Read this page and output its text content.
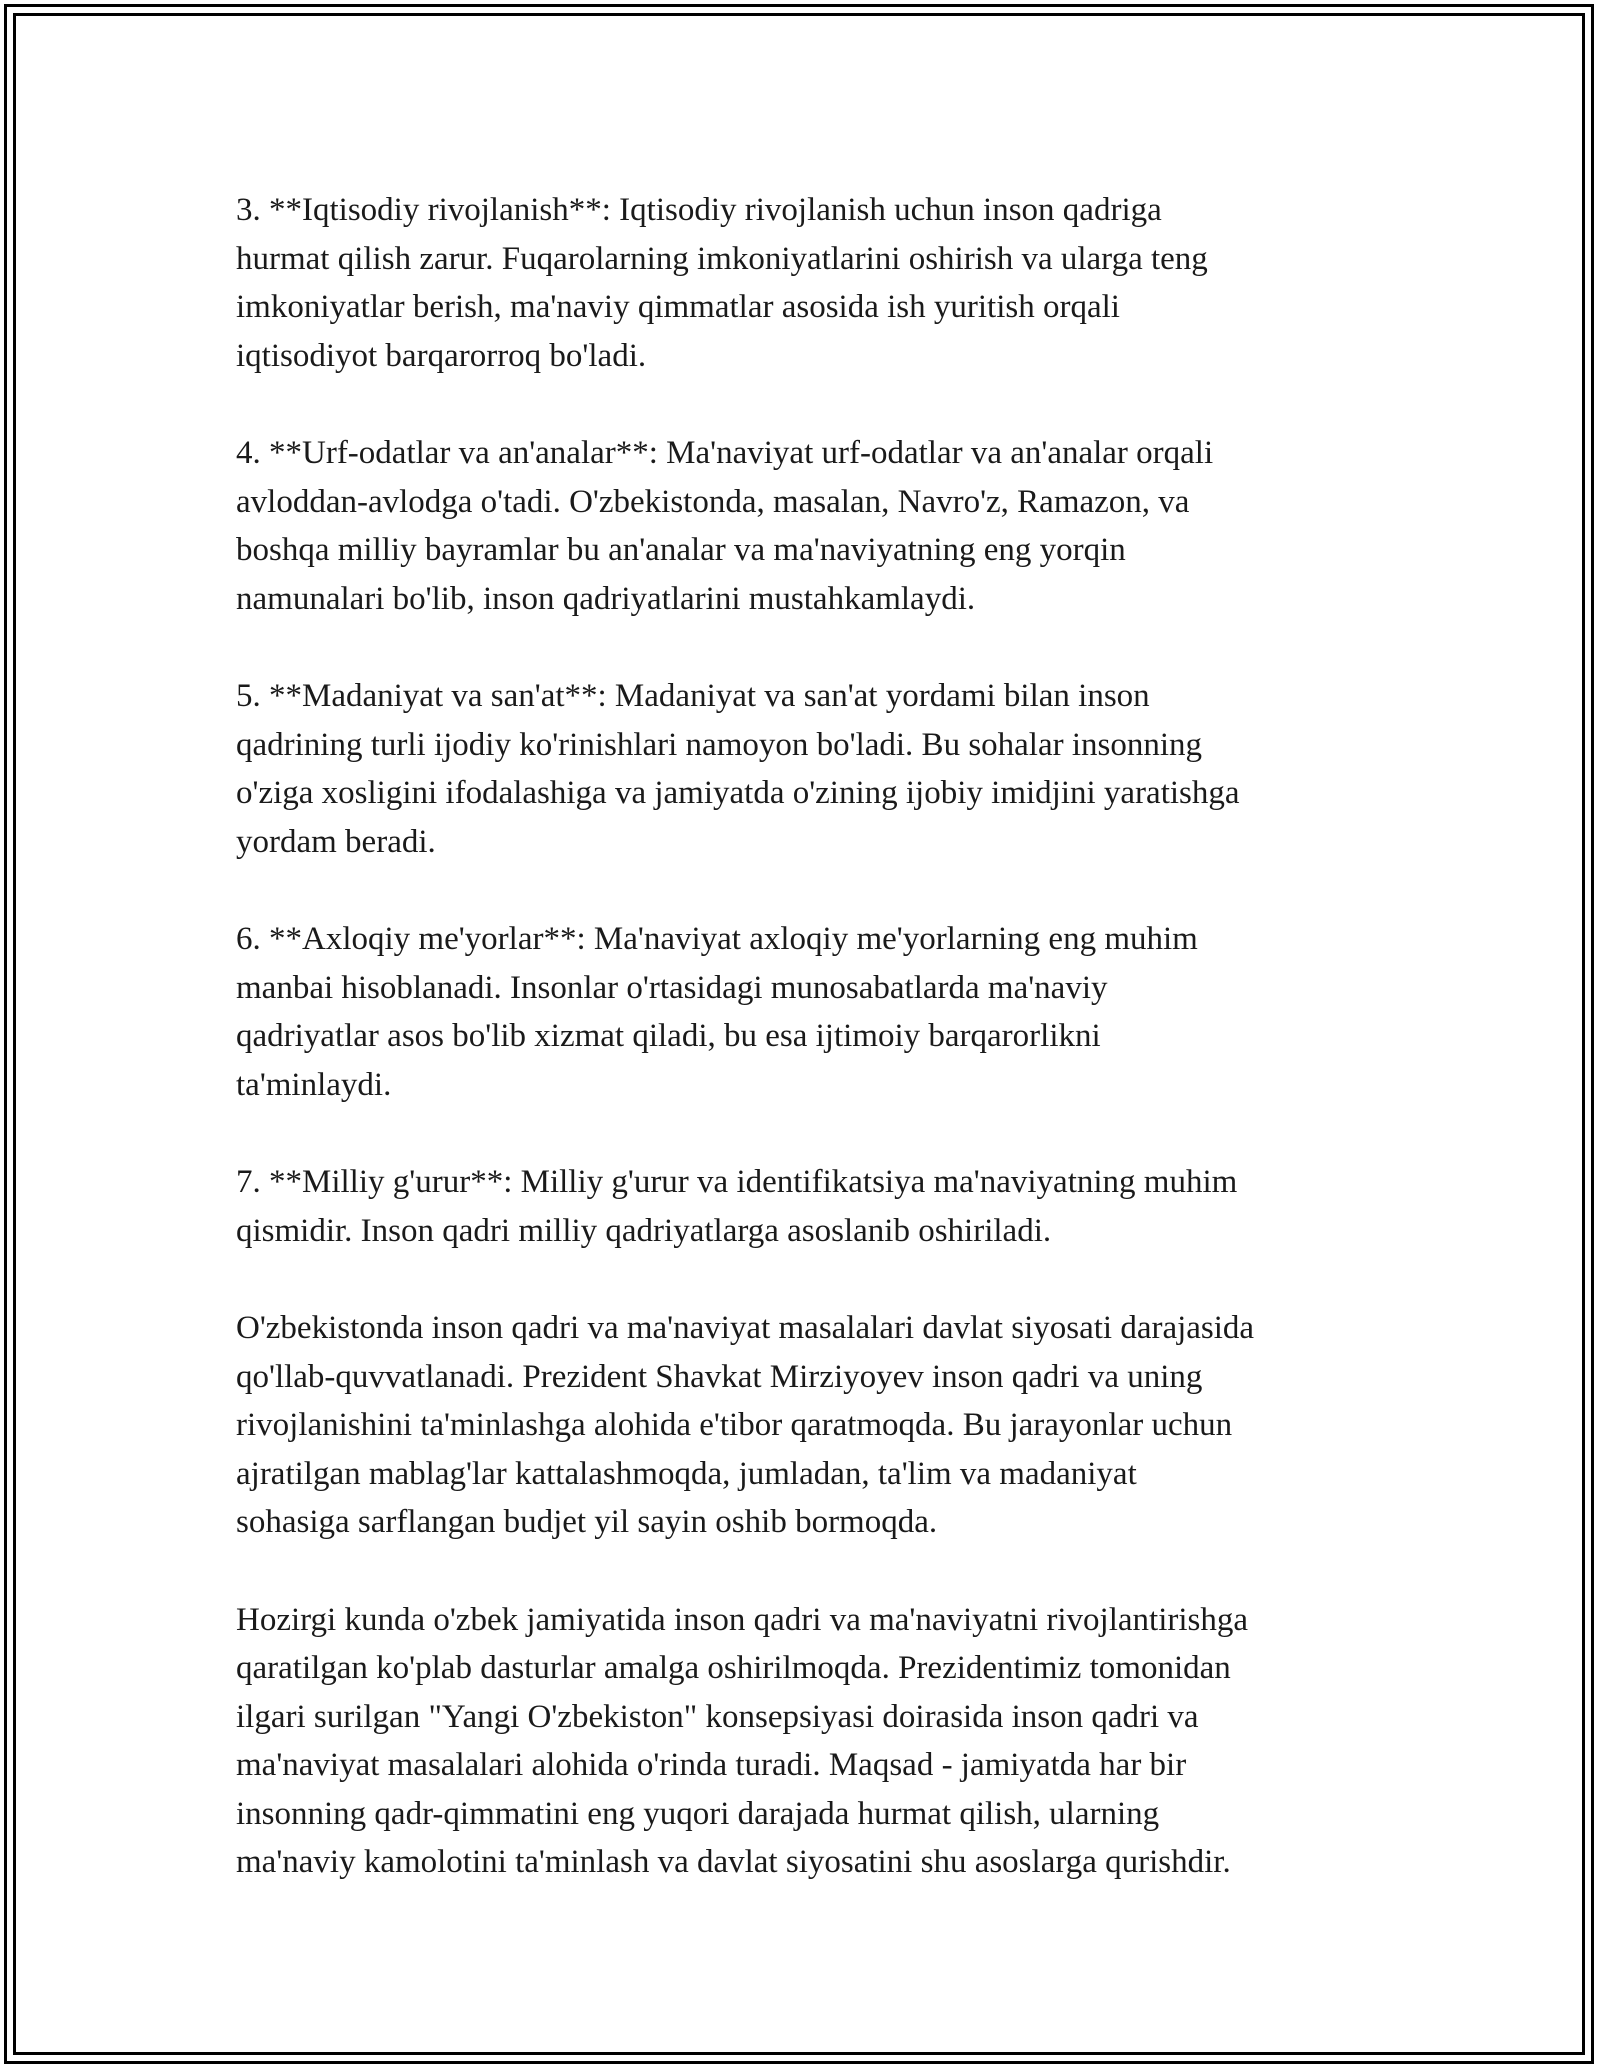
3. **Iqtisodiy rivojlanish**: Iqtisodiy rivojlanish uchun inson qadriga
hurmat qilish zarur. Fuqarolarning imkoniyatlarini oshirish va ularga teng
imkoniyatlar berish, ma'naviy qimmatlar asosida ish yuritish orqali
iqtisodiyot barqarorroq bo'ladi.

4. **Urf-odatlar va an'analar**: Ma'naviyat urf-odatlar va an'analar orqali
avloddan-avlodga o'tadi. O'zbekistonda, masalan, Navro'z, Ramazon, va
boshqa milliy bayramlar bu an'analar va ma'naviyatning eng yorqin
namunalari bo'lib, inson qadriyatlarini mustahkamlaydi.

5. **Madaniyat va san'at**: Madaniyat va san'at yordami bilan inson
qadrining turli ijodiy ko'rinishlari namoyon bo'ladi. Bu sohalar insonning
o'ziga xosligini ifodalashiga va jamiyatda o'zining ijobiy imidjini yaratishga
yordam beradi.

6. **Axloqiy me'yorlar**: Ma'naviyat axloqiy me'yorlarning eng muhim
manbai hisoblanadi. Insonlar o'rtasidagi munosabatlarda ma'naviy
qadriyatlar asos bo'lib xizmat qiladi, bu esa ijtimoiy barqarorlikni
ta'minlaydi.

7. **Milliy g'urur**: Milliy g'urur va identifikatsiya ma'naviyatning muhim
qismidir. Inson qadri milliy qadriyatlarga asoslanib oshiriladi.

O'zbekistonda inson qadri va ma'naviyat masalalari davlat siyosati darajasida
qo'llab-quvvatlanadi. Prezident Shavkat Mirziyoyev inson qadri va uning
rivojlanishini ta'minlashga alohida e'tibor qaratmoqda. Bu jarayonlar uchun
ajratilgan mablag'lar kattalashmoqda, jumladan, ta'lim va madaniyat
sohasiga sarflangan budjet yil sayin oshib bormoqda.

Hozirgi kunda o'zbek jamiyatida inson qadri va ma'naviyatni rivojlantirishga
qaratilgan ko'plab dasturlar amalga oshirilmoqda. Prezidentimiz tomonidan
ilgari surilgan "Yangi O'zbekiston" konsepsiyasi doirasida inson qadri va
ma'naviyat masalalari alohida o'rinda turadi. Maqsad - jamiyatda har bir
insonning qadr-qimmatini eng yuqori darajada hurmat qilish, ularning
ma'naviy kamolotini ta'minlash va davlat siyosatini shu asoslarga qurishdir.
